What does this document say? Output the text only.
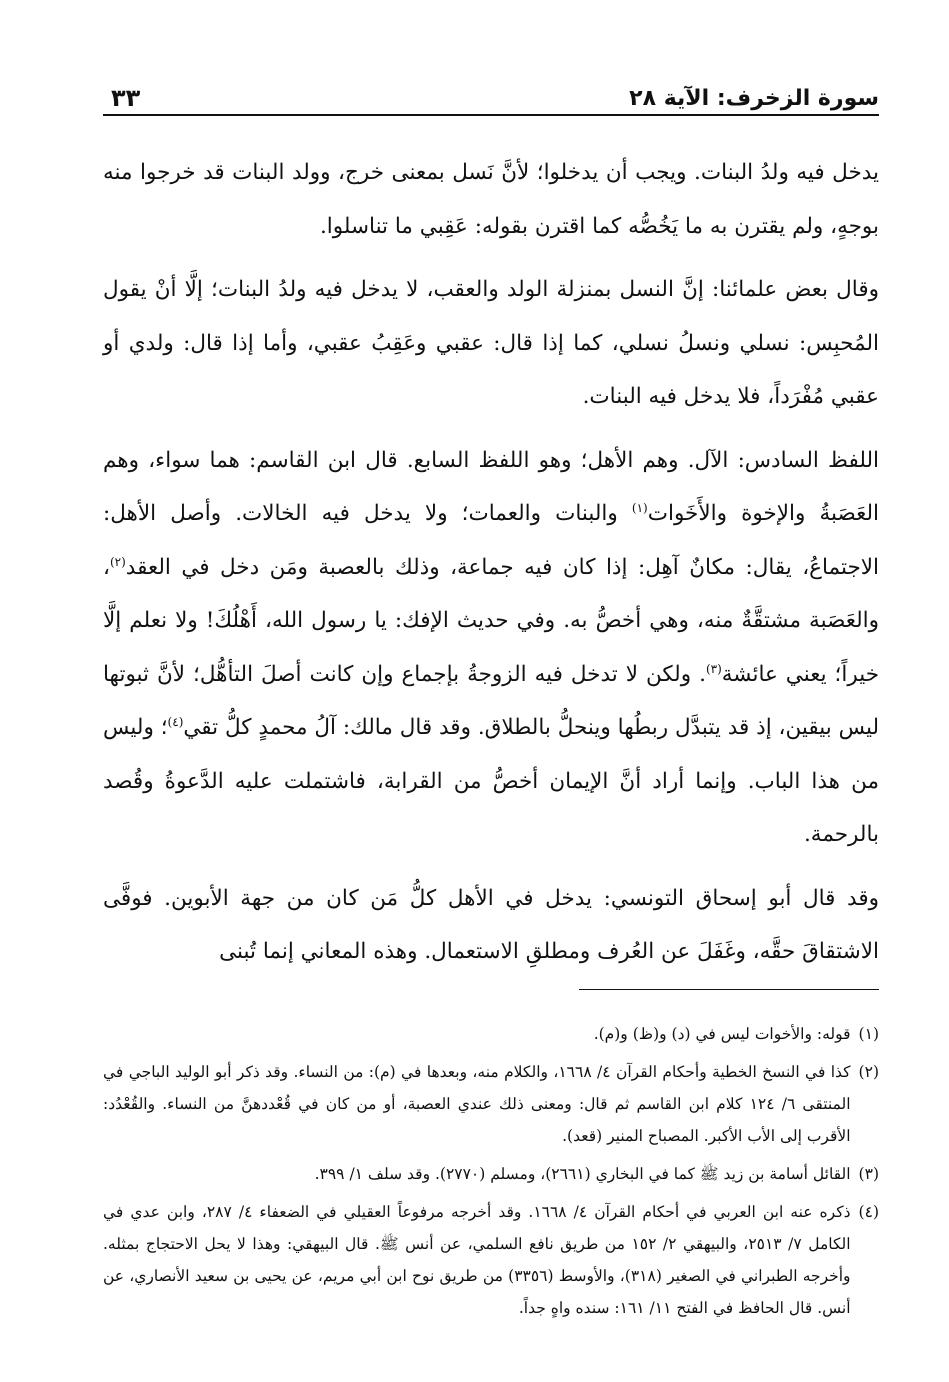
سورة الزخرف: الآية ٢٨
٣٣

يدخل فيه ولدُ البنات. ويجب أن يدخلوا؛ لأنَّ نَسل بمعنى خرج، وولد البنات قد خرجوا منه بوجهٍ، ولم يقترن به ما يَخُصُّه كما اقترن بقوله: عَقِبي ما تناسلوا.

وقال بعض علمائنا: إنَّ النسل بمنزلة الولد والعقب، لا يدخل فيه ولدُ البنات؛ إلَّا أنْ يقول المُحبِس: نسلي ونسلُ نسلي، كما إذا قال: عقبي وعَقِبُ عقبي، وأما إذا قال: ولدي أو عقبي مُفْرَداً، فلا يدخل فيه البنات.

اللفظ السادس: الآل. وهم الأهل؛ وهو اللفظ السابع. قال ابن القاسم: هما سواء، وهم العَصَبةُ والإخوة والأَخَوات$^{(١)}$ والبنات والعمات؛ ولا يدخل فيه الخالات. وأصل الأهل: الاجتماعُ، يقال: مكانٌ آهِل: إذا كان فيه جماعة، وذلك بالعصبة ومَن دخل في العقد$^{(٢)}$، والعَصَبة مشتقَّةٌ منه، وهي أخصُّ به. وفي حديث الإفك: يا رسول الله، أَهْلُكَ! ولا نعلم إلَّا خيراً؛ يعني عائشة$^{(٣)}$. ولكن لا تدخل فيه الزوجةُ بإجماع وإن كانت أصلَ التأهُّل؛ لأنَّ ثبوتها ليس بيقين، إذ قد يتبدَّل ربطُها وينحلُّ بالطلاق. وقد قال مالك: آلُ محمدٍ كلُّ تقي$^{(٤)}$؛ وليس من هذا الباب. وإنما أراد أنَّ الإيمان أخصُّ من القرابة، فاشتملت عليه الدَّعوةُ وقُصد بالرحمة.

وقد قال أبو إسحاق التونسي: يدخل في الأهل كلُّ مَن كان من جهة الأبوين. فوفَّى الاشتقاقَ حقَّه، وغَفَلَ عن العُرف ومطلقِ الاستعمال. وهذه المعاني إنما تُبنى

(١)
قوله: والأخوات ليس في (د) و(ظ) و(م).
(٢)
كذا في النسخ الخطية وأحكام القرآن ٤/ ١٦٦٨، والكلام منه، وبعدها في (م): من النساء. وقد ذكر أبو الوليد الباجي في المنتقى ٦/ ١٢٤ كلام ابن القاسم ثم قال: ومعنى ذلك عندي العصبة، أو من كان في قُعْددهنَّ من النساء. والقُعْدُد: الأقرب إلى الأب الأكبر. المصباح المنير (قعد).
(٣)
القائل أسامة بن زيد ﷺ كما في البخاري (٢٦٦١)، ومسلم (٢٧٧٠). وقد سلف ١/ ٣٩٩.
(٤)
ذكره عنه ابن العربي في أحكام القرآن ٤/ ١٦٦٨. وقد أخرجه مرفوعاً العقيلي في الضعفاء ٤/ ٢٨٧، وابن عدي في الكامل ٧/ ٢٥١٣، والبيهقي ٢/ ١٥٢ من طريق نافع السلمي، عن أنس ﷺ. قال البيهقي: وهذا لا يحل الاحتجاج بمثله. وأخرجه الطبراني في الصغير (٣١٨)، والأوسط (٣٣٥٦) من طريق نوح ابن أبي مريم، عن يحيى بن سعيد الأنصاري، عن أنس. قال الحافظ في الفتح ١١/ ١٦١: سنده واهٍ جداً.
